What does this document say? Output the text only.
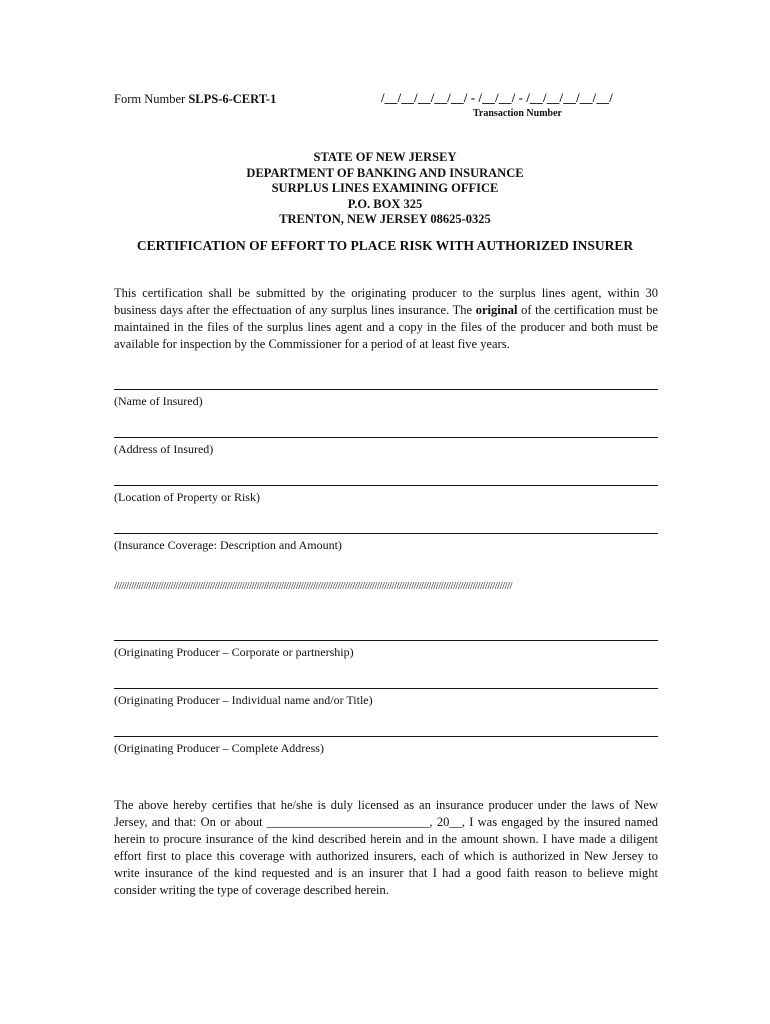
Form Number SLPS-6-CERT-1	/__/__/__/__/__/ - /__/__/ - /__/__/__/__/__/
Transaction Number
STATE OF NEW JERSEY
DEPARTMENT OF BANKING AND INSURANCE
SURPLUS LINES EXAMINING OFFICE
P.O. BOX 325
TRENTON, NEW JERSEY 08625-0325
CERTIFICATION OF EFFORT TO PLACE RISK WITH AUTHORIZED INSURER
This certification shall be submitted by the originating producer to the surplus lines agent, within 30 business days after the effectuation of any surplus lines insurance. The original of the certification must be maintained in the files of the surplus lines agent and a copy in the files of the producer and both must be available for inspection by the Commissioner for a period of at least five years.
(Name of Insured)
(Address of Insured)
(Location of Property or Risk)
(Insurance Coverage: Description and Amount)
//////////////////////////////////////////////////////////////////////////////////////////////////////////////////////////////////////////////////////////////////
(Originating Producer – Corporate or partnership)
(Originating Producer – Individual name and/or Title)
(Originating Producer – Complete Address)
The above hereby certifies that he/she is duly licensed as an insurance producer under the laws of New Jersey, and that: On or about __________________________, 20__, I was engaged by the insured named herein to procure insurance of the kind described herein and in the amount shown. I have made a diligent effort first to place this coverage with authorized insurers, each of which is authorized in New Jersey to write insurance of the kind requested and is an insurer that I had a good faith reason to believe might consider writing the type of coverage described herein.
